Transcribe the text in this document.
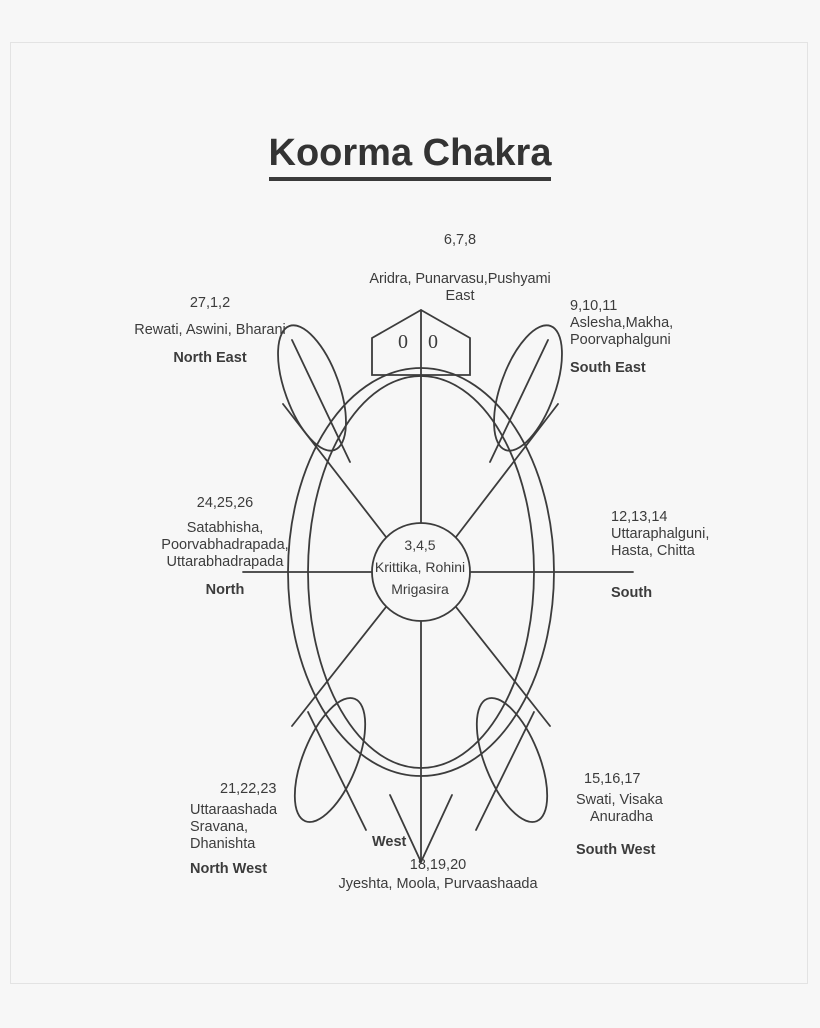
Koorma Chakra
0 0
3,4,5
Krittika, Rohini
Mrigasira
6,7,8
Aridra, Punarvasu,Pushyami
East
27,1,2
Rewati, Aswini, Bharani
North East
9,10,11
Aslesha,Makha,
Poorvaphalguni
South East
24,25,26
Satabhisha,
Poorvabhadrapada,
Uttarabhadrapada
North
12,13,14
Uttaraphalguni,
Hasta, Chitta
South
21,22,23
Uttaraashada
Sravana,
Dhanishta
North West
15,16,17
Swati, Visaka
Anuradha
South West
West
18,19,20
Jyeshta, Moola, Purvaashaada
